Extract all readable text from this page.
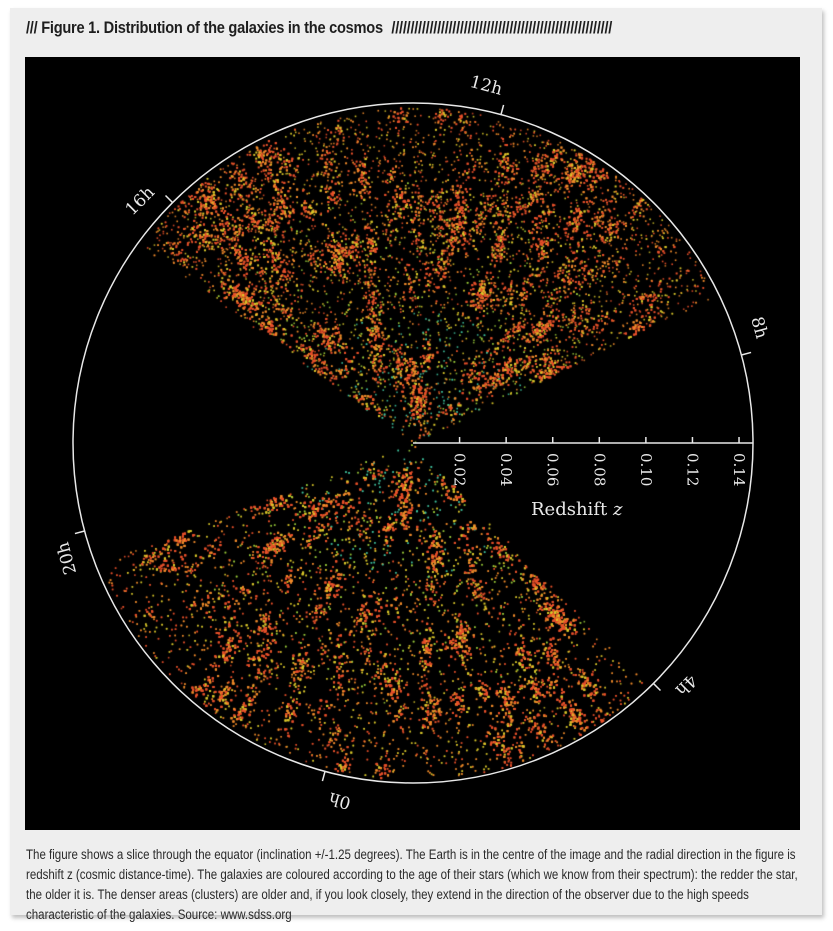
/// Figure 1. Distribution of the galaxies in the cosmos //////////////////////////////////////////////////////////
0.02 0.04 0.06 0.08 0.10 0.12 0.14
12h
8h
4h
0h
20h
16h
Redshift z
The figure shows a slice through the equator (inclination +/-1.25 degrees). The Earth is in the centre of the image and the radial direction in the figure is redshift z (cosmic distance-time). The galaxies are coloured according to the age of their stars (which we know from their spectrum): the redder the star, the older it is. The denser areas (clusters) are older and, if you look closely, they extend in the direction of the observer due to the high speeds characteristic of the galaxies. Source: www.sdss.org
